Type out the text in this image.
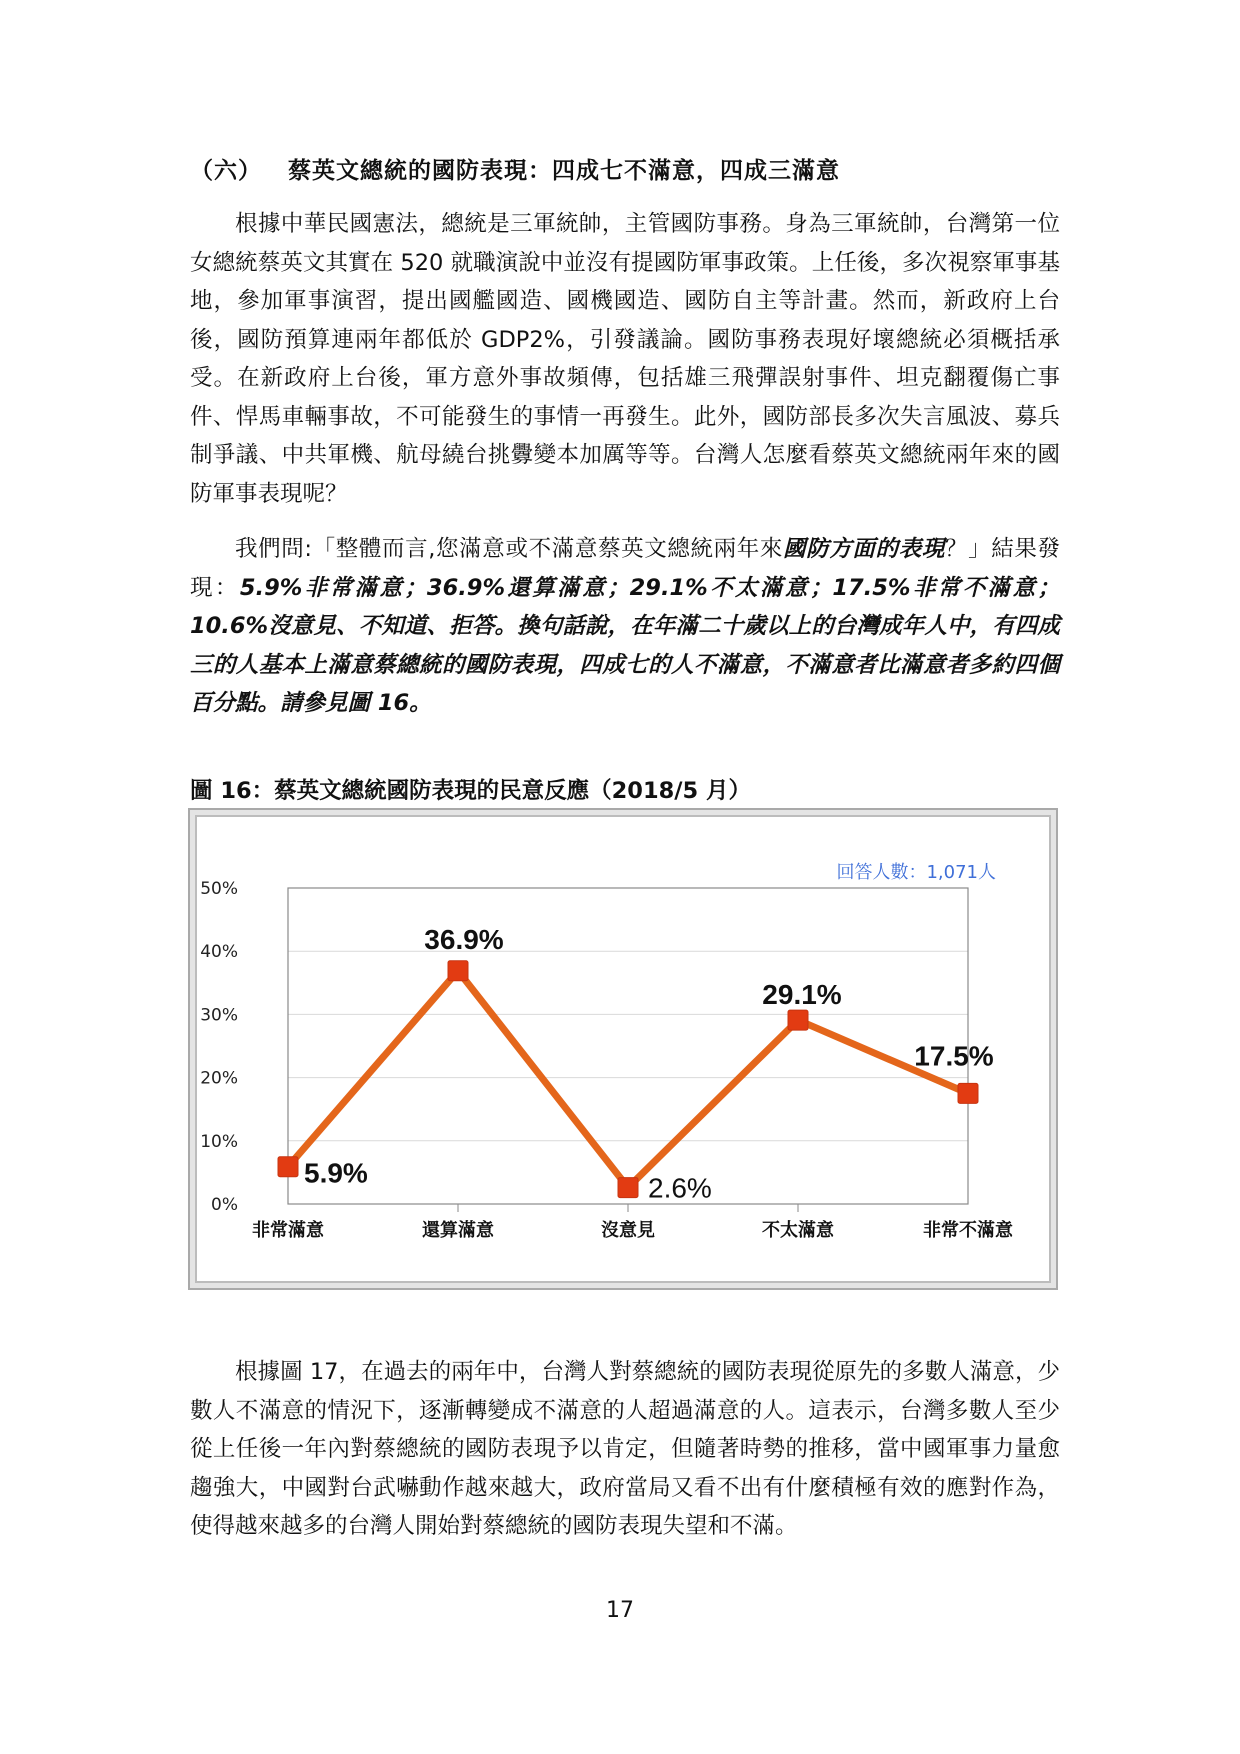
（六） 蔡英文總統的國防表現：四成七不滿意，四成三滿意

根據中華民國憲法，總統是三軍統帥，主管國防事務。身為三軍統帥，台灣第一位女總統蔡英文其實在 520 就職演說中並沒有提國防軍事政策。上任後，多次視察軍事基地，參加軍事演習，提出國艦國造、國機國造、國防自主等計畫。然而，新政府上台後，國防預算連兩年都低於 GDP2%，引發議論。國防事務表現好壞總統必須概括承受。在新政府上台後，軍方意外事故頻傳，包括雄三飛彈誤射事件、坦克翻覆傷亡事件、悍馬車輛事故，不可能發生的事情一再發生。此外，國防部長多次失言風波、募兵制爭議、中共軍機、航母繞台挑釁變本加厲等等。台灣人怎麼看蔡英文總統兩年來的國防軍事表現呢？

我們問:「整體而言,您滿意或不滿意蔡英文總統兩年來國防方面的表現？」結果發現：5.9%非常滿意；36.9%還算滿意；29.1%不太滿意；17.5%非常不滿意；10.6%沒意見、不知道、拒答。換句話說，在年滿二十歲以上的台灣成年人中，有四成三的人基本上滿意蔡總統的國防表現，四成七的人不滿意，不滿意者比滿意者多約四個百分點。請參見圖 16。

圖 16：蔡英文總統國防表現的民意反應（2018/5 月）
0%
10%
20%
30%
40%
50%
非常滿意	還算滿意	沒意見	不太滿意	非常不滿意
5.9%
36.9%
2.6%
29.1%
17.5%
回答人數：1,071人

根據圖 17，在過去的兩年中，台灣人對蔡總統的國防表現從原先的多數人滿意，少數人不滿意的情況下，逐漸轉變成不滿意的人超過滿意的人。這表示，台灣多數人至少從上任後一年內對蔡總統的國防表現予以肯定，但隨著時勢的推移，當中國軍事力量愈趨強大，中國對台武嚇動作越來越大，政府當局又看不出有什麼積極有效的應對作為，使得越來越多的台灣人開始對蔡總統的國防表現失望和不滿。

17
